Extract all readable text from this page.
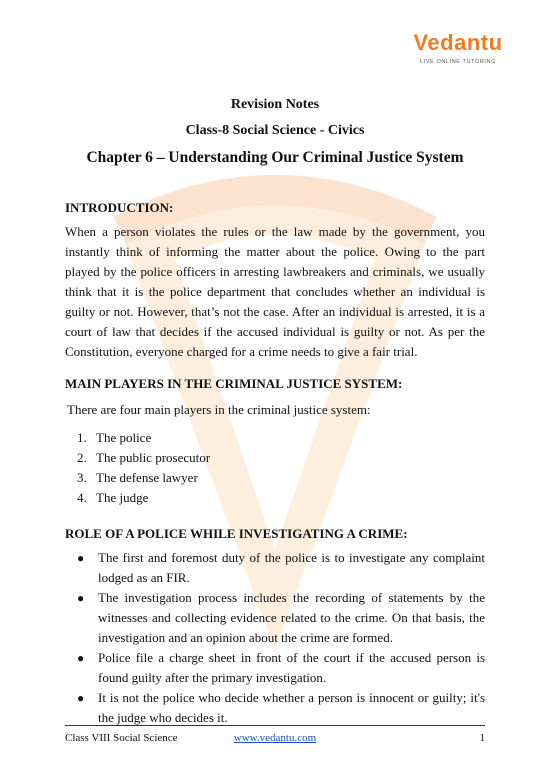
Vedantu
LIVE ONLINE TUTORING
Revision Notes
Class-8 Social Science - Civics
Chapter 6 – Understanding Our Criminal Justice System
INTRODUCTION:
When a person violates the rules or the law made by the government, you instantly think of informing the matter about the police. Owing to the part played by the police officers in arresting lawbreakers and criminals, we usually think that it is the police department that concludes whether an individual is guilty or not. However, that’s not the case. After an individual is arrested, it is a court of law that decides if the accused individual is guilty or not. As per the Constitution, everyone charged for a crime needs to give a fair trial.
MAIN PLAYERS IN THE CRIMINAL JUSTICE SYSTEM:
There are four main players in the criminal justice system:
1. The police
2. The public prosecutor
3. The defense lawyer
4. The judge
ROLE OF A POLICE WHILE INVESTIGATING A CRIME:
● The first and foremost duty of the police is to investigate any complaint lodged as an FIR.
● The investigation process includes the recording of statements by the witnesses and collecting evidence related to the crime. On that basis, the investigation and an opinion about the crime are formed.
● Police file a charge sheet in front of the court if the accused person is found guilty after the primary investigation.
● It is not the police who decide whether a person is innocent or guilty; it's the judge who decides it.
Class VIII Social Science	www.vedantu.com	1
